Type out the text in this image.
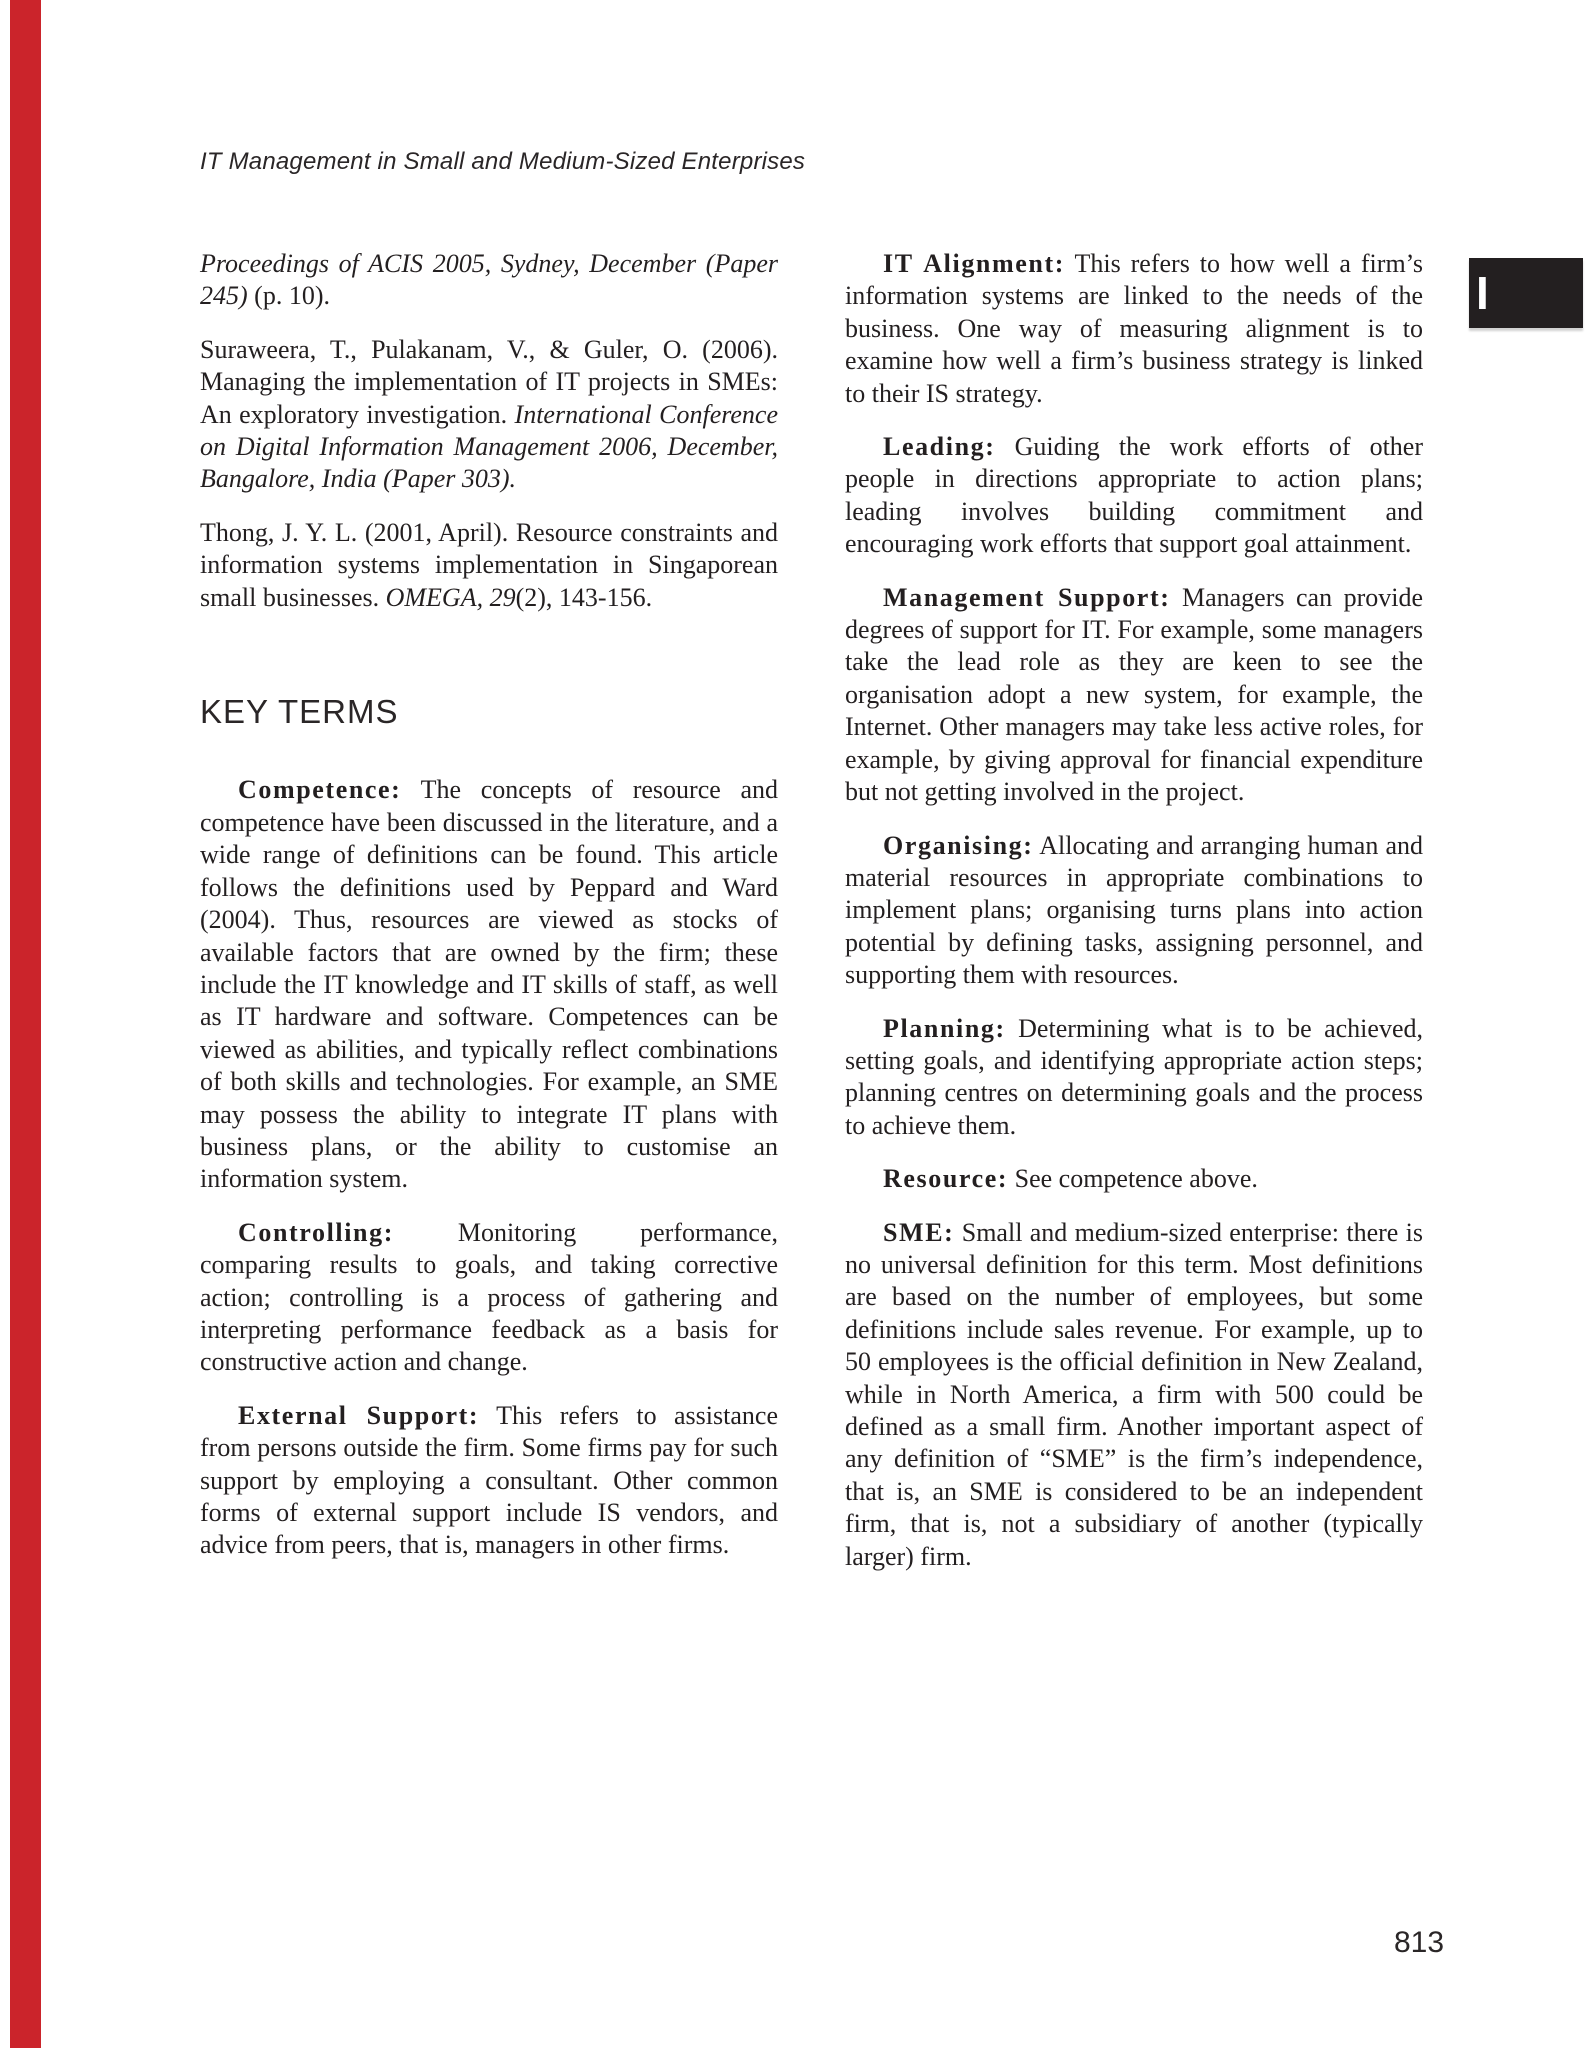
IT Management in Small and Medium-Sized Enterprises
I

Proceedings of ACIS 2005, Sydney, December (Paper 245) (p. 10).

Suraweera, T., Pulakanam, V., & Guler, O. (2006). Managing the implementation of IT projects in SMEs: An exploratory investigation. International Conference on Digital Information Management 2006, December, Bangalore, India (Paper 303).

Thong, J. Y. L. (2001, April). Resource constraints and information systems implementation in Singaporean small businesses. OMEGA, 29(2), 143-156.

KEY TERMS

Competence: The concepts of resource and competence have been discussed in the literature, and a wide range of definitions can be found. This article follows the definitions used by Peppard and Ward (2004). Thus, resources are viewed as stocks of available factors that are owned by the firm; these include the IT knowledge and IT skills of staff, as well as IT hardware and software. Competences can be viewed as abilities, and typically reflect combinations of both skills and technologies. For example, an SME may possess the ability to integrate IT plans with business plans, or the ability to customise an information system.

Controlling: Monitoring performance, comparing results to goals, and taking corrective action; controlling is a process of gathering and interpreting performance feedback as a basis for constructive action and change.

External Support: This refers to assistance from persons outside the firm. Some firms pay for such support by employing a consultant. Other common forms of external support include IS vendors, and advice from peers, that is, managers in other firms.

IT Alignment: This refers to how well a firm’s information systems are linked to the needs of the business. One way of measuring alignment is to examine how well a firm’s business strategy is linked to their IS strategy.

Leading: Guiding the work efforts of other people in directions appropriate to action plans; leading involves building commitment and encouraging work efforts that support goal attainment.

Management Support: Managers can provide degrees of support for IT. For example, some managers take the lead role as they are keen to see the organisation adopt a new system, for example, the Internet. Other managers may take less active roles, for example, by giving approval for financial expenditure but not getting involved in the project.

Organising: Allocating and arranging human and material resources in appropriate combinations to implement plans; organising turns plans into action potential by defining tasks, assigning personnel, and supporting them with resources.

Planning: Determining what is to be achieved, setting goals, and identifying appropriate action steps; planning centres on determining goals and the process to achieve them.

Resource: See competence above.

SME: Small and medium-sized enterprise: there is no universal definition for this term. Most definitions are based on the number of employees, but some definitions include sales revenue. For example, up to 50 employees is the official definition in New Zealand, while in North America, a firm with 500 could be defined as a small firm. Another important aspect of any definition of “SME” is the firm’s independence, that is, an SME is considered to be an independent firm, that is, not a subsidiary of another (typically larger) firm.

813
